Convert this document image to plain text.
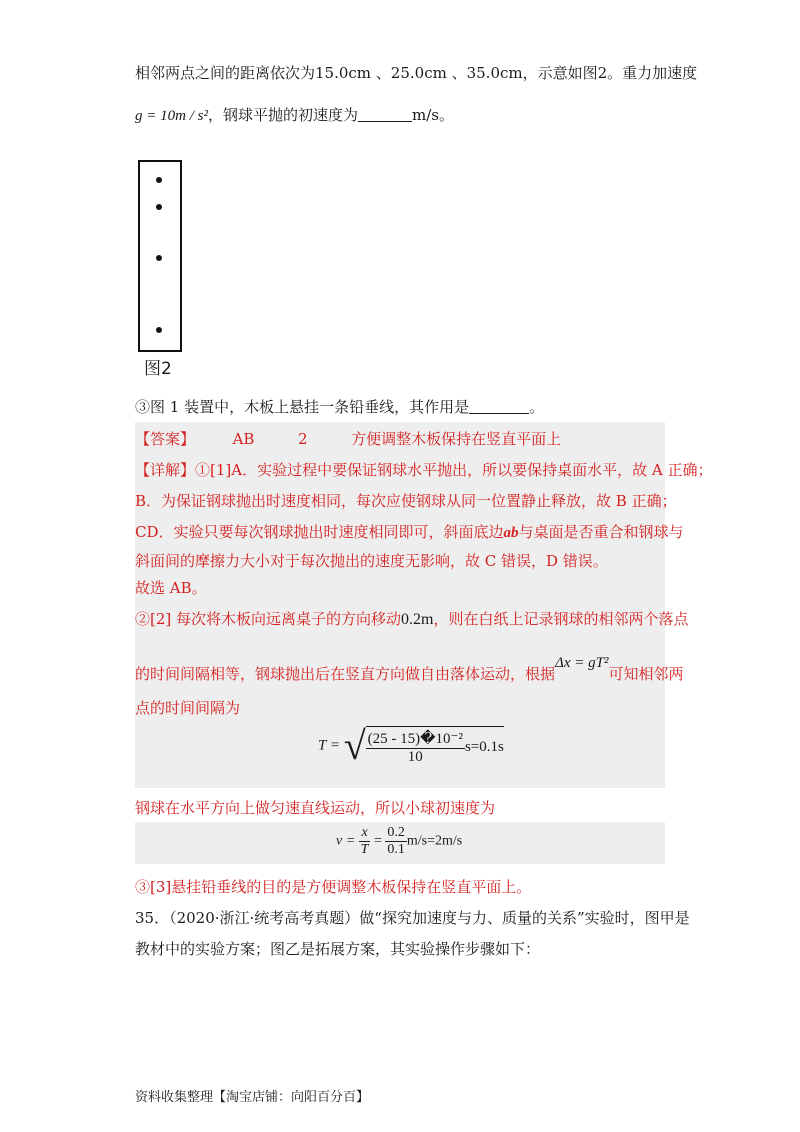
相邻两点之间的距离依次为15.0cm 、25.0cm 、35.0cm，示意如图2。重力加速度
g = 10m / s²，钢球平抛的初速度为	m/s。
图2
③图 1 装置中，木板上悬挂一条铅垂线，其作用是	。
【答案】	AB	2	方便调整木板保持在竖直平面上
【详解】①[1]A．实验过程中要保证钢球水平抛出，所以要保持桌面水平，故 A 正确；
B．为保证钢球抛出时速度相同，每次应使钢球从同一位置静止释放，故 B 正确；
CD．实验只要每次钢球抛出时速度相同即可，斜面底边ab与桌面是否重合和钢球与
斜面间的摩擦力大小对于每次抛出的速度无影响，故 C 错误，D 错误。
故选 AB。
②[2] 每次将木板向远离桌子的方向移动0.2m，则在白纸上记录钢球的相邻两个落点
的时间间隔相等，钢球抛出后在竖直方向做自由落体运动，根据Δx = gT²可知相邻两
点的时间间隔为
T = √ $\frac{\text{(25 - 15)�10⁻²}}{10} s=0.1s$
钢球在水平方向上做匀速直线运动，所以小球初速度为
$v = \frac{x}{T} = \frac{0.2}{0.1} m/s=2m/s$
③[3]悬挂铅垂线的目的是方便调整木板保持在竖直平面上。
35．（2020·浙江·统考高考真题）做“探究加速度与力、质量的关系”实验时，图甲是
教材中的实验方案；图乙是拓展方案，其实验操作步骤如下：
资料收集整理【淘宝店铺：向阳百分百】
